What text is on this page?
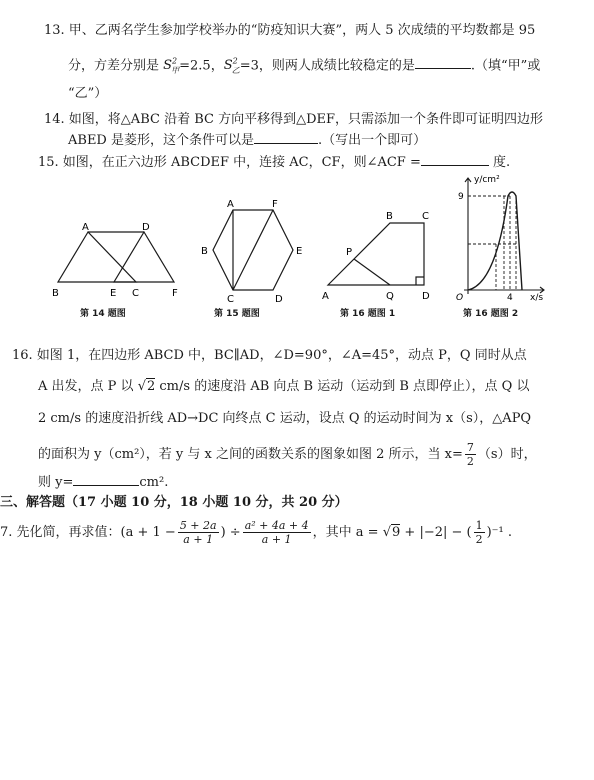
13. 甲、乙两名学生参加学校举办的“防疫知识大赛”，两人 5 次成绩的平均数都是 95
分，方差分别是 $S^2_甲=2.5$，$S^2_乙=3$，则两人成绩比较稳定的是	.（填“甲”或
“乙”）
14. 如图，将△ABC 沿着 BC 方向平移得到△DEF，只需添加一个条件即可证明四边形
ABED 是菱形，这个条件可以是	.（写出一个即可）
15. 如图，在正六边形 ABCDEF 中，连接 AC，CF，则∠ACF =	度.
A	D
B	E C	F
第 14 题图
A	F
B	E
C	D
第 15 题图
B	C
P
A	Q	D
第 16 题图 1
y/cm²
9
O	4 x/s
第 16 题图 2
16. 如图 1，在四边形 ABCD 中，BC∥AD，∠D=90°，∠A=45°，动点 P，Q 同时从点
A 出发，点 P 以 √2 cm/s 的速度沿 AB 向点 B 运动（运动到 B 点即停止），点 Q 以
2 cm/s 的速度沿折线 AD→DC 向终点 C 运动，设点 Q 的运动时间为 x（s），△APQ
的面积为 y（cm²），若 y 与 x 之间的函数关系的图象如图 2 所示，当 $x= \frac{7}{2} (s)$时，
则 y=	cm².
三、解答题（17 小题 10 分，18 小题 10 分，共 20 分）
7. 先化简，再求值：($a + 1 - \frac{5 + 2a}{a + 1}$ ) ÷ $\frac{\text{a² + 4a + 4}}{a + 1}$ ，其中 a = √9 + |−2| − ( $\frac{1}{2} )^{-1}$ .
